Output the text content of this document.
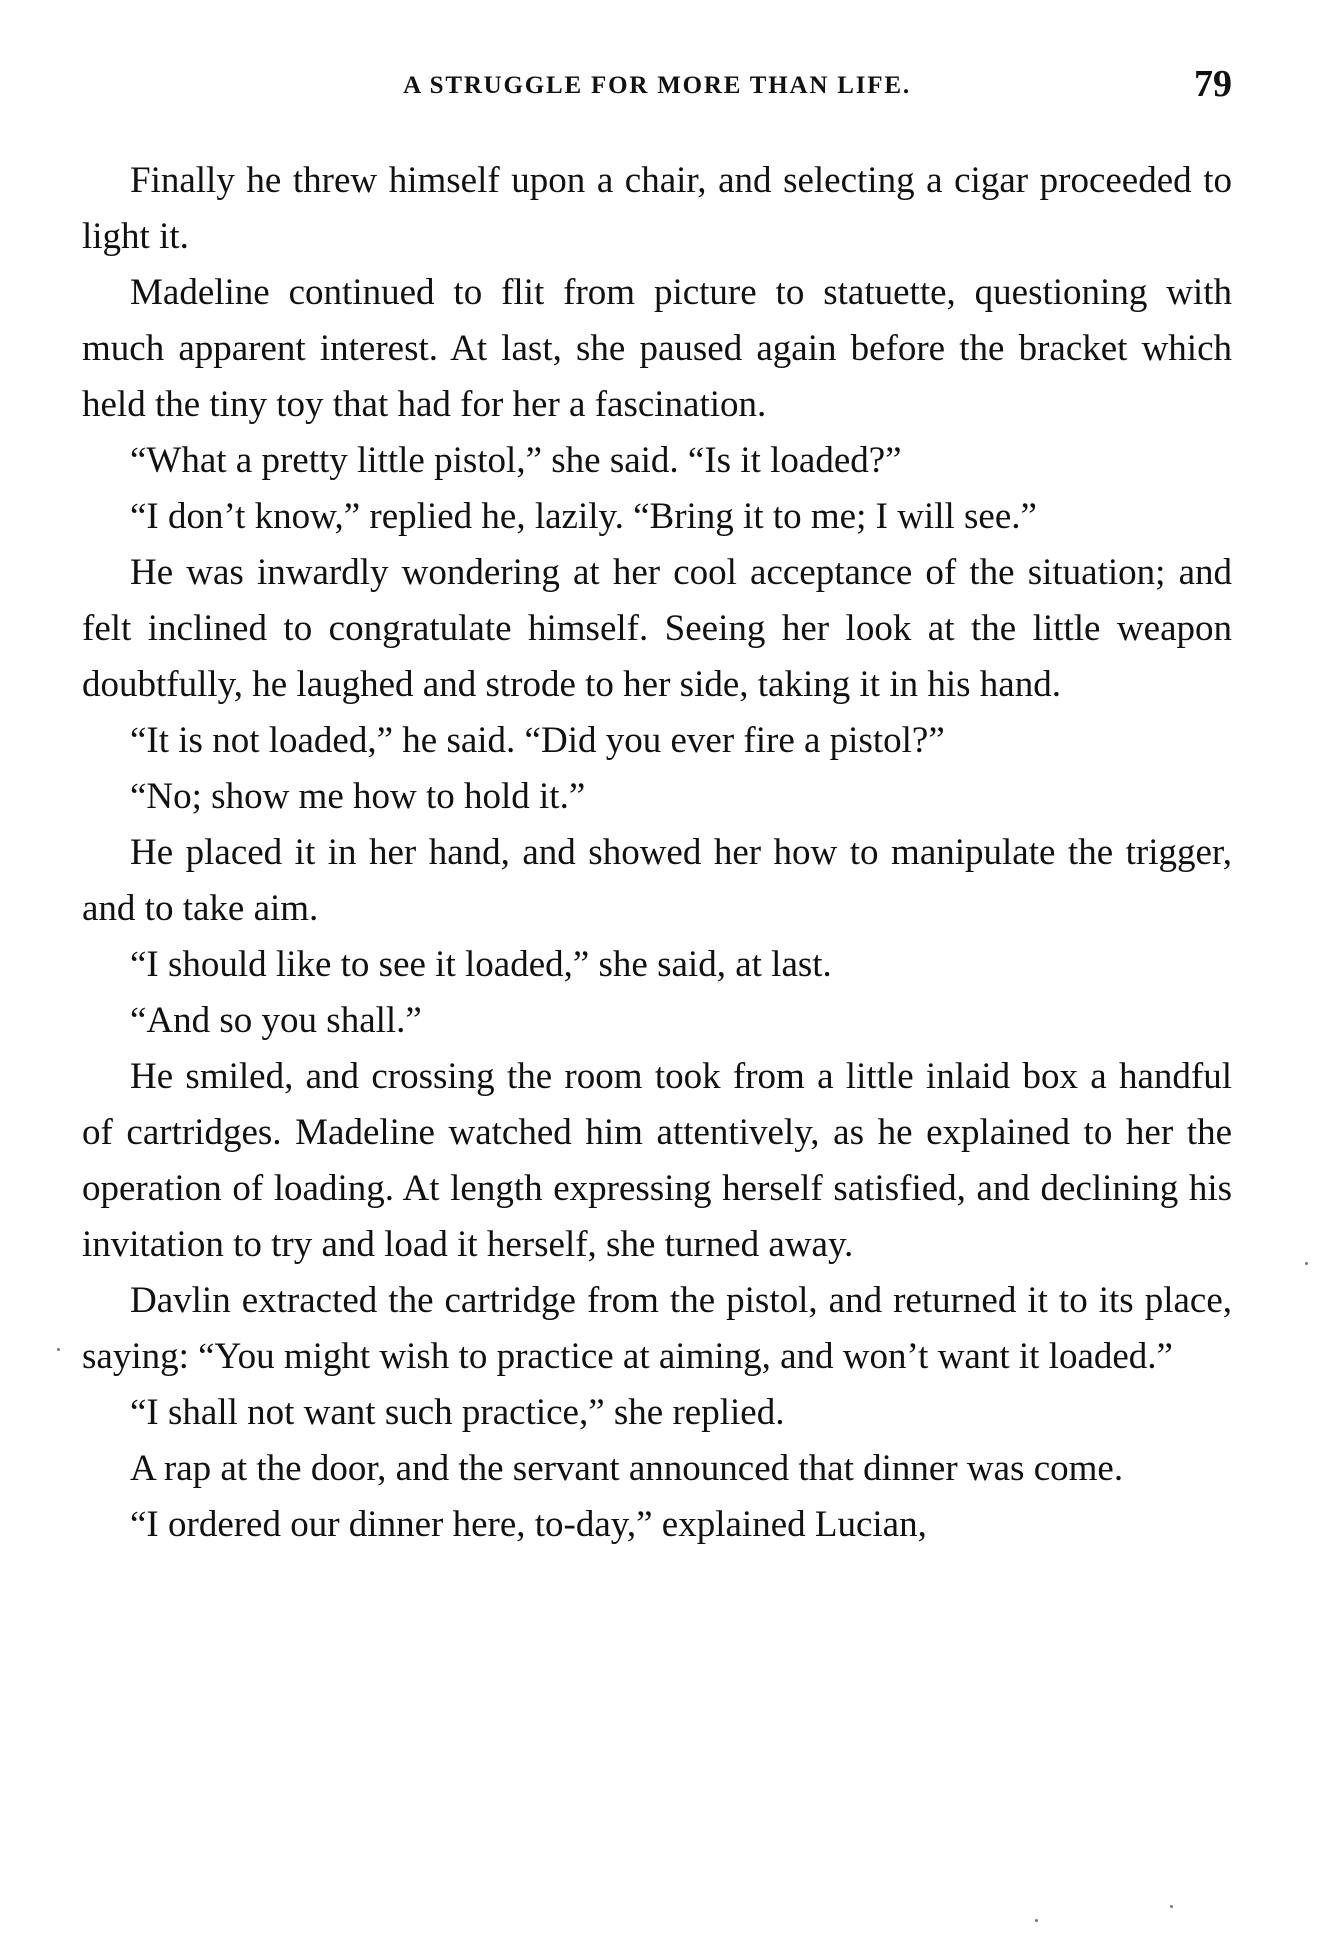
A STRUGGLE FOR MORE THAN LIFE.	79

Finally he threw himself upon a chair, and selecting a cigar proceeded to light it.

Madeline continued to flit from picture to statuette, questioning with much apparent interest. At last, she paused again before the bracket which held the tiny toy that had for her a fascination.

“What a pretty little pistol,” she said. “Is it loaded?”

“I don’t know,” replied he, lazily. “Bring it to me; I will see.”

He was inwardly wondering at her cool acceptance of the situation; and felt inclined to congratulate himself. Seeing her look at the little weapon doubtfully, he laughed and strode to her side, taking it in his hand.

“It is not loaded,” he said. “Did you ever fire a pistol?”

“No; show me how to hold it.”

He placed it in her hand, and showed her how to manipulate the trigger, and to take aim.

“I should like to see it loaded,” she said, at last.

“And so you shall.”

He smiled, and crossing the room took from a little inlaid box a handful of cartridges. Madeline watched him attentively, as he explained to her the operation of loading. At length expressing herself satisfied, and declining his invitation to try and load it herself, she turned away.

Davlin extracted the cartridge from the pistol, and returned it to its place, saying: “You might wish to practice at aiming, and won’t want it loaded.”

“I shall not want such practice,” she replied.

A rap at the door, and the servant announced that dinner was come.

“I ordered our dinner here, to-day,” explained Lucian,
